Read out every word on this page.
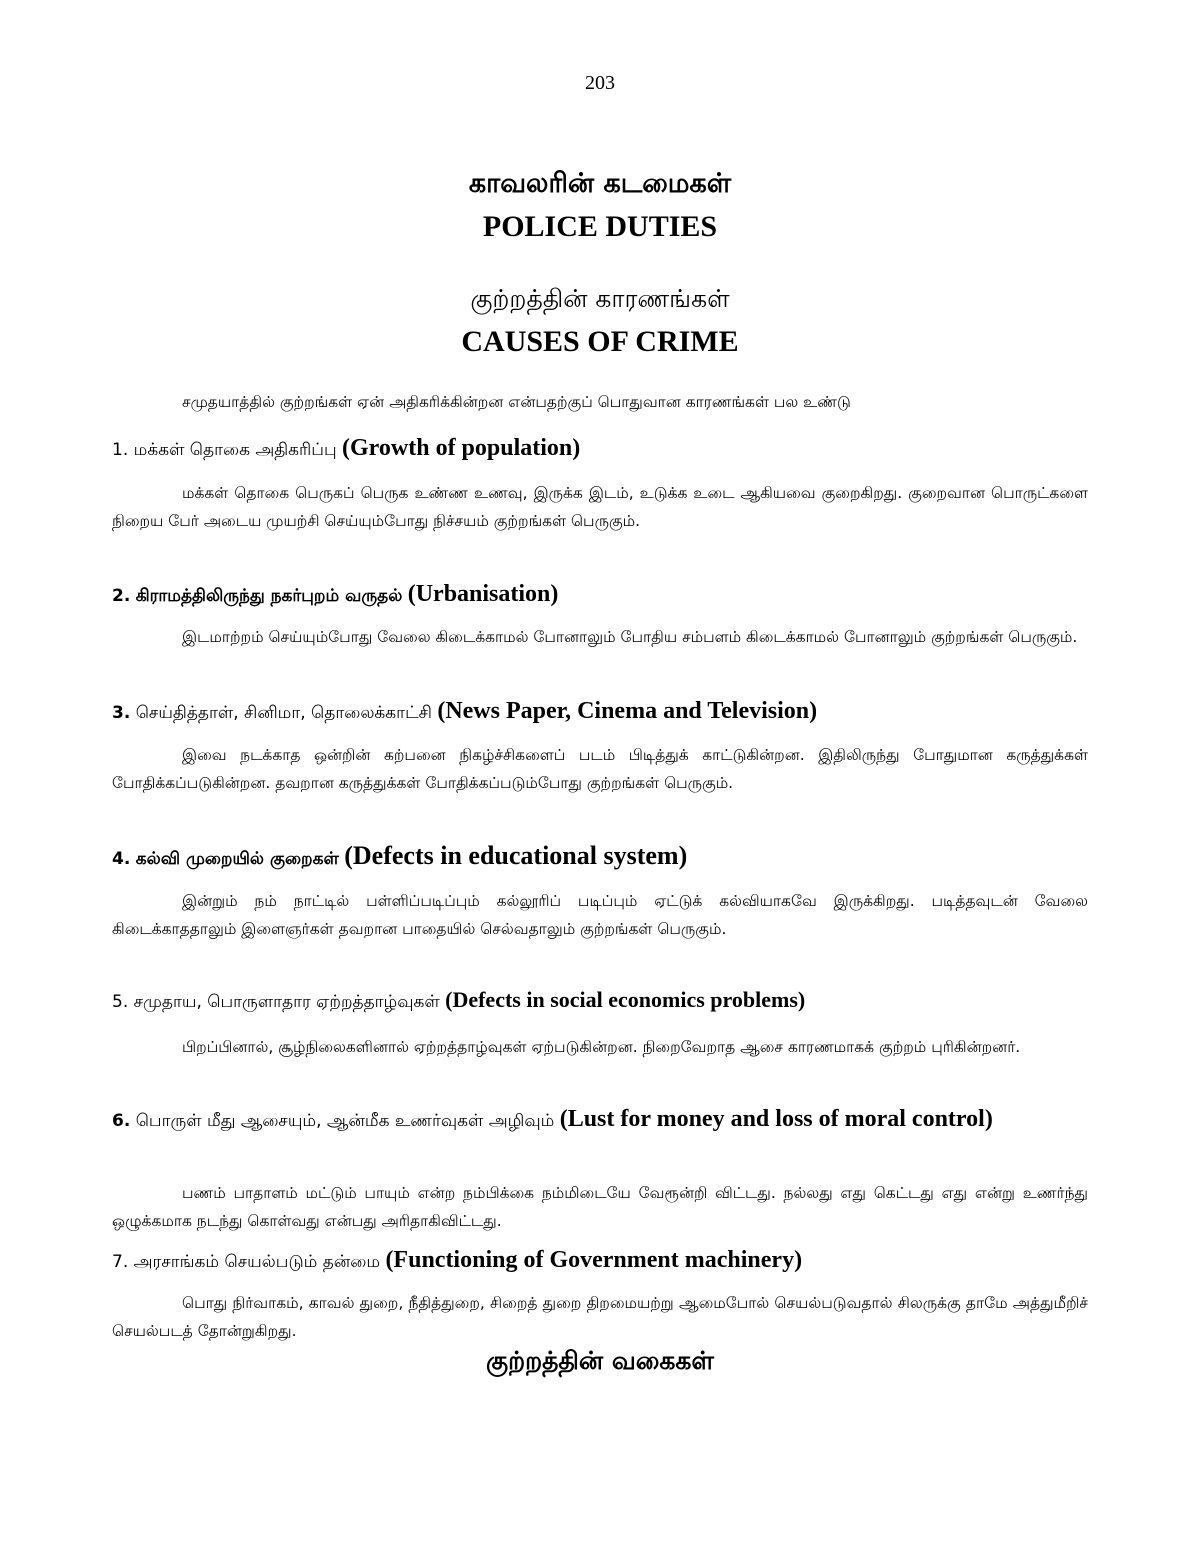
203
காவலரின் கடமைகள்
POLICE DUTIES
குற்றத்தின் காரணங்கள்
CAUSES OF CRIME
சமுதயாத்தில் குற்றங்கள் ஏன் அதிகரிக்கின்றன என்பதற்குப் பொதுவான காரணங்கள் பல உண்டு
1. மக்கள் தொகை அதிகரிப்பு (Growth of population)
மக்கள் தொகை பெருகப் பெருக உண்ண உணவு, இருக்க இடம், உடுக்க உடை ஆகியவை குறைகிறது. குறைவான பொருட்களை நிறைய பேர் அடைய முயற்சி செய்யும்போது நிச்சயம் குற்றங்கள் பெருகும்.
2. கிராமத்திலிருந்து நகர்புறம் வருதல் (Urbanisation)
இடமாற்றம் செய்யும்போது வேலை கிடைக்காமல் போனாலும் போதிய சம்பளம் கிடைக்காமல் போனாலும் குற்றங்கள் பெருகும்.
3. செய்தித்தாள், சினிமா, தொலைக்காட்சி (News Paper, Cinema and Television)
இவை நடக்காத ஒன்றின் கற்பனை நிகழ்ச்சிகளைப் படம் பிடித்துக் காட்டுகின்றன. இதிலிருந்து போதுமான கருத்துக்கள் போதிக்கப்படுகின்றன. தவறான கருத்துக்கள் போதிக்கப்படும்போது குற்றங்கள் பெருகும்.
4. கல்வி முறையில் குறைகள் (Defects in educational system)
இன்றும் நம் நாட்டில் பள்ளிப்படிப்பும் கல்லூரிப் படிப்பும் ஏட்டுக் கல்வியாகவே இருக்கிறது. படித்தவுடன் வேலை கிடைக்காததாலும் இளைஞர்கள் தவறான பாதையில் செல்வதாலும் குற்றங்கள் பெருகும்.
5. சமுதாய, பொருளாதார ஏற்றத்தாழ்வுகள் (Defects in social economics problems)
பிறப்பினால், சூழ்நிலைகளினால் ஏற்றத்தாழ்வுகள் ஏற்படுகின்றன. நிறைவேறாத ஆசை காரணமாகக் குற்றம் புரிகின்றனர்.
6. பொருள் மீது ஆசையும், ஆன்மீக உணர்வுகள் அழிவும் (Lust for money and loss of moral control)
பணம் பாதாளம் மட்டும் பாயும் என்ற நம்பிக்கை நம்மிடையே வேரூன்றி விட்டது. நல்லது எது கெட்டது எது என்று உணர்ந்து ஒழுக்கமாக நடந்து கொள்வது என்பது அரிதாகிவிட்டது.
7. அரசாங்கம் செயல்படும் தன்மை (Functioning of Government machinery)
பொது நிர்வாகம், காவல் துறை, நீதித்துறை, சிறைத் துறை திறமையற்று ஆமைபோல் செயல்படுவதால் சிலருக்கு தாமே அத்துமீறிச் செயல்படத் தோன்றுகிறது.
குற்றத்தின் வகைகள்
